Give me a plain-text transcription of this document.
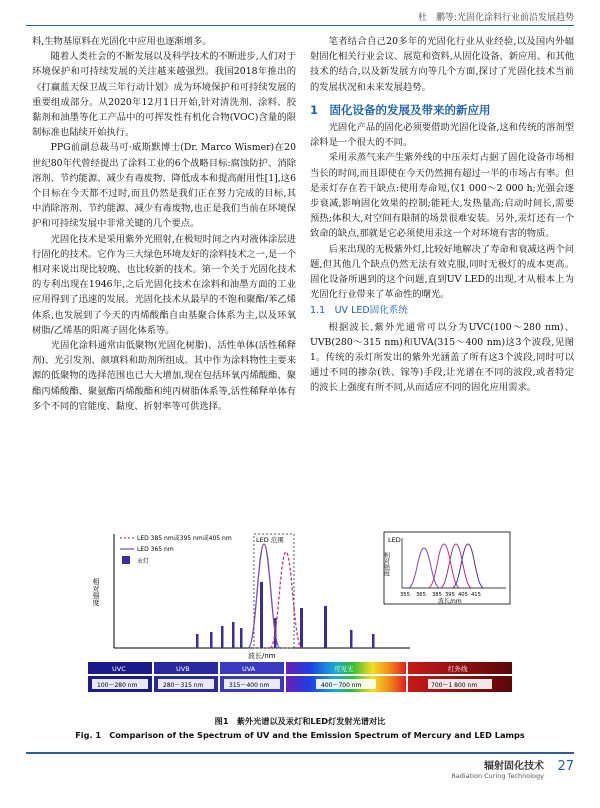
杜　鹏等:光固化涂料行业前沿发展趋势

料,生物基原料在光固化中应用也逐渐增多。

随着人类社会的不断发展以及科学技术的不断进步,人们对于环境保护和可持续发展的关注越来越强烈。我国2018年推出的《打赢蓝天保卫战三年行动计划》成为环境保护和可持续发展的重要组成部分。从2020年12月1日开始,针对清洗剂、涂料、胶黏剂和油墨等化工产品中的可挥发性有机化合物(VOC)含量的限制标准也陆续开始执行。

PPG前副总裁马可·威斯默博士(Dr. Marco Wismer)在20世纪80年代曾经提出了涂料工业的6个战略目标:腐蚀防护、消除溶剂、节约能源、减少有毒废物、降低成本和提高耐用性[1],这6个目标在今天都不过时,而且仍然是我们正在努力完成的目标,其中消除溶剂、节约能源、减少有毒废物,也正是我们当前在环境保护和可持续发展中非常关键的几个要点。

光固化技术是采用紫外光照射,在极短时间之内对液体涂层进行固化的技术。它作为三大绿色环境友好的涂料技术之一,是一个相对来说出现比较晚、也比较新的技术。第一个关于光固化技术的专利出现在1946年,之后光固化技术在涂料和油墨方面的工业应用得到了迅速的发展。光固化技术从最早的不饱和聚酯/苯乙烯体系,也发展到了今天的丙烯酸酯自由基聚合体系为主,以及环氧树脂/乙烯基的阳离子固化体系等。

光固化涂料通常由低聚物(光固化树脂)、活性单体(活性稀释剂)、光引发剂、颜填料和助剂所组成。其中作为涂料物性主要来源的低聚物的选择范围也已大大增加,现在包括环氧丙烯酸酯、聚酯丙烯酸酯、聚氨酯丙烯酸酯和纯丙树脂体系等,活性稀释单体有多个不同的官能度、黏度、折射率等可供选择。

笔者结合自己20多年的光固化行业从业经验,以及国内外辐射固化相关行业会议、展览和资料,从固化设备、新应用、和其他技术的结合,以及新发展方向等几个方面,探讨了光固化技术当前的发展状况和未来发展趋势。

1　固化设备的发展及带来的新应用

光固化产品的固化必须要借助光固化设备,这和传统的溶剂型涂料是一个很大的不同。

采用汞蒸气来产生紫外线的中压汞灯占据了固化设备市场相当长的时间,而且即使在今天仍然拥有超过一半的市场占有率。但是汞灯存在若干缺点:使用寿命短,仅1 000～2 000 h;光强会逐步衰减,影响固化效果的控制;能耗大,发热量高;启动时间长,需要预热;体积大,对空间有限制的场景很难安装。另外,汞灯还有一个致命的缺点,那就是它必须使用汞这一个对环境有害的物质。

后来出现的无极紫外灯,比较好地解决了寿命和衰减这两个问题,但其他几个缺点仍然无法有效克服,同时无极灯的成本更高。固化设备所遇到的这个问题,直到UV LED的出现,才从根本上为光固化行业带来了革命性的曙光。

1.1　UV LED固化系统

根据波长,紫外光通常可以分为UVC(100～280 nm)、UVB(280～315 nm)和UVA(315～400 nm)这3个波段,见图1。传统的汞灯所发出的紫外光涵盖了所有这3个波段,同时可以通过不同的掺杂(铁、镓等)手段,让光谱在不同的波段,或者特定的波长上强度有所不同,从而适应不同的固化应用需求。

相对强度
波长/nm
LED 385 nm或395 nm或405 nm
LED 365 nm
汞灯
LED 范围	LED
355 365 385 395 405 415
波长/nm
相对强度
UVC	UVB	UVA	可见光	红外线
100～280 nm	280～315 nm	315～400 nm	400～700 nm	700～1 800 nm
图1　紫外光谱以及汞灯和LED灯发射光谱对比
Fig. 1　Comparison of the Spectrum of UV and the Emission Spectrum of Mercury and LED Lamps
辐射固化技术
Radiation Curing Technology
27
